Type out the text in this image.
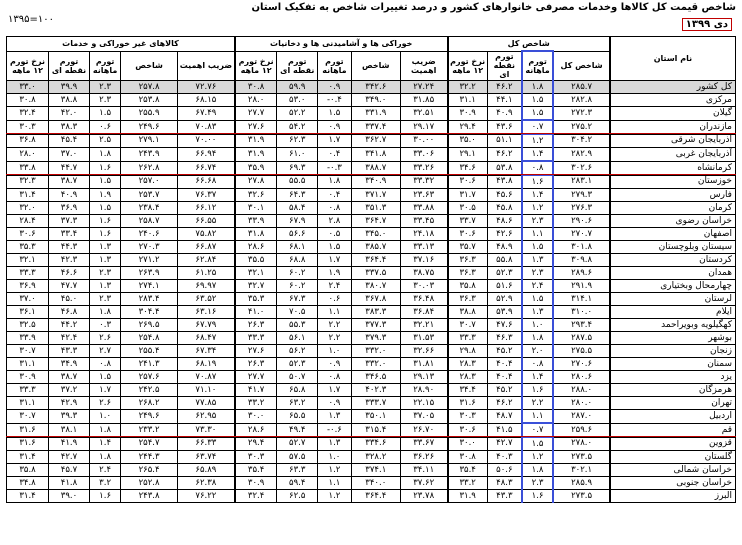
شاخص قیمت کل کالاها وخدمات مصرفی خانوارهای کشور و درصد تغییرات شاخص به تفکیک استان
۱۰۰=۱۳۹۵	دی ۱۳۹۹
نام استان	شاخص کل				خوراکی ها و آشامیدنی ها و دخانیات					کالاهای غیر خوراکی و خدمات				
	شاخص کل	تورم ماهانه	تورم نقطه ای	نرخ تورم ۱۲ ماهه	ضریب اهمیت	شاخص	تورم ماهانه	تورم نقطه ای	نرخ تورم ۱۲ ماهه	ضریب اهمیت	شاخص	تورم ماهانه	تورم نقطه ای	نرخ تورم ۱۲ ماهه
کل کشور	۲۸۵.۷	۱.۸	۴۶.۲	۳۲.۲	۲۷.۲۴	۳۴۲.۶	۰.۹	۵۹.۹	۳۰.۸	۷۲.۷۶	۲۵۷.۸	۲.۳	۳۹.۹	۳۳.۰
مرکزی	۲۸۲.۸	۱.۵	۴۴.۱	۳۱.۱	۳۱.۸۵	۳۴۹.۰	۰.۴-	۵۳.۰	۲۸.۰	۶۸.۱۵	۲۵۳.۸	۲.۳	۳۸.۸	۳۰.۸
گیلان	۲۷۲.۳	۱.۵	۴۰.۹	۳۰.۹	۳۲.۵۱	۳۳۱.۹	۱.۵	۵۲.۲	۲۷.۷	۶۷.۴۹	۲۵۵.۹	۱.۵	۴۲.۰	۳۲.۴
مازندران	۲۷۵.۲	۰.۷	۴۳.۶	۲۹.۴	۲۹.۱۷	۳۳۷.۴	۰.۹	۵۴.۲	۲۷.۶	۷۰.۸۳	۲۴۹.۶	۰.۶	۳۸.۳	۳۰.۳
آذربایجان شرقی	۳۰۴.۲	۱.۲	۵۱.۱	۳۵.۰	۳۰.۰۰	۳۶۲.۷	۱.۷	۶۲.۳	۳۱.۹	۷۰.۰۰	۲۷۹.۱	۲.۵	۴۵.۴	۳۶.۸
آذربایجان غربی	۲۸۲.۹	۱.۴	۴۶.۲	۲۹.۱	۳۳.۰۶	۳۴۱.۸	۰.۴	۶۱.۰	۳۱.۹	۶۶.۹۴	۲۴۳.۹	۱.۸	۳۷.۰	۲۸.۰
کرمانشاه	۳۰۲.۶	۰.۸	۵۳.۸	۳۴.۶	۳۳.۲۶	۳۸۸.۷	۰.۳-	۶۹.۳	۳۵.۹	۶۶.۷۴	۲۶۲.۸	۱.۶	۴۴.۷	۳۳.۸
خوزستان	۲۸۳.۱	۱.۶	۴۳.۸	۳۰.۶	۳۳.۳۲	۳۴۰.۹	۱.۸	۵۵.۵	۲۷.۸	۶۶.۶۸	۲۵۷.۰	۱.۵	۳۸.۷	۳۲.۳
فارس	۲۷۹.۳	۱.۴	۴۵.۶	۳۱.۷	۲۳.۶۳	۳۷۱.۷	۰.۴	۶۴.۳	۳۲.۶	۷۶.۳۷	۲۵۳.۷	۱.۹	۴۰.۹	۳۱.۴
کرمان	۲۷۶.۳	۱.۲	۴۵.۸	۳۰.۵	۳۳.۸۸	۳۵۱.۳	۰.۸	۵۸.۴	۳۰.۱	۶۶.۱۲	۲۳۸.۴	۱.۵	۳۶.۹	۳۲.۰
خراسان رضوی	۲۹۰.۶	۲.۳	۴۸.۶	۳۳.۷	۳۳.۴۵	۳۶۴.۷	۲.۸	۶۷.۹	۳۳.۹	۶۶.۵۵	۲۵۸.۷	۱.۶	۳۷.۳	۲۸.۴
اصفهان	۲۷۰.۷	۱.۱	۴۲.۶	۳۰.۶	۲۴.۱۸	۳۴۵.۰	۰.۵	۵۶.۶	۳۱.۸	۷۵.۸۲	۲۴۰.۶	۱.۶	۳۳.۴	۳۰.۶
سیستان وبلوچستان	۳۰۱.۸	۱.۵	۴۸.۹	۳۵.۷	۳۳.۱۳	۳۸۵.۷	۱.۵	۶۸.۱	۲۸.۶	۶۶.۸۷	۲۷۰.۳	۱.۳	۴۴.۳	۳۵.۳
کردستان	۳۰۹.۸	۱.۳	۵۵.۸	۳۶.۳	۳۷.۱۶	۳۶۴.۴	۱.۷	۶۸.۸	۳۵.۵	۶۲.۸۴	۲۷۱.۲	۱.۳	۴۲.۳	۳۲.۱
همدان	۲۸۹.۶	۲.۳	۵۲.۳	۳۶.۳	۳۸.۷۵	۳۳۷.۵	۱.۹	۶۰.۲	۳۲.۱	۶۱.۲۵	۲۶۳.۹	۲.۳	۴۶.۶	۳۳.۳
چهارمحال وبختیاری	۲۹۱.۹	۲.۴	۵۱.۶	۳۵.۸	۳۰.۰۳	۳۸۰.۷	۲.۴	۶۰.۲	۳۲.۷	۶۹.۹۷	۲۷۴.۱	۱.۳	۴۷.۷	۳۶.۹
لرستان	۳۱۴.۱	۱.۵	۵۲.۹	۳۶.۳	۳۶.۴۸	۳۶۷.۸	۰.۶	۶۷.۳	۳۵.۳	۶۳.۵۲	۲۸۳.۴	۲.۳	۴۵.۰	۳۷.۰
ایلام	۳۱۰.۰	۱.۳	۵۳.۹	۳۸.۸	۳۶.۸۴	۳۸۳.۳	۱.۱	۷۰.۵	۴۱.۰	۶۳.۱۶	۳۰۴.۴	۱.۸	۴۶.۸	۳۶.۱
کهگیلویه وبویراحمد	۲۹۳.۴	۱.۰	۴۷.۶	۳۰.۷	۳۲.۲۱	۳۷۷.۳	۲.۲	۵۵.۳	۲۶.۳	۶۷.۷۹	۲۶۹.۵	۰.۳	۴۴.۲	۳۲.۵
بوشهر	۲۸۷.۵	۱.۸	۴۶.۳	۳۳.۳	۳۱.۵۳	۳۷۹.۳	۲.۲	۵۶.۱	۳۳.۳	۶۸.۴۷	۲۵۴.۸	۲.۶	۴۲.۴	۳۳.۹
زنجان	۲۷۵.۵	۲.۰	۴۵.۲	۲۹.۸	۳۲.۶۶	۳۳۲.۰	۱.۰	۵۶.۲	۲۷.۶	۶۷.۳۴	۲۵۵.۴	۲.۷	۴۳.۳	۳۰.۷
سمنان	۲۷۰.۶	۰.۸	۴۰.۴	۲۸.۳	۳۱.۸۱	۳۳۲.۰	۰.۹	۵۲.۳	۲۶.۳	۶۸.۱۹	۲۴۱.۳	۰.۸	۳۴.۹	۳۱.۱
یزد	۲۸۰.۶	۱.۴	۴۰.۴	۲۸.۳	۲۹.۱۳	۳۴۶.۵	۰.۸	۵۰.۷	۲۷.۷	۷۰.۸۷	۲۵۷.۶	۱.۵	۳۸.۷	۳۰.۹
هرمزگان	۲۸۸.۰	۱.۶	۴۵.۲	۳۴.۴	۲۸.۹۰	۴۰۲.۳	۱.۷	۶۵.۸	۴۱.۷	۷۱.۱۰	۲۴۲.۵	۱.۷	۳۷.۲	۳۳.۳
تهران	۲۸۰.۰	۲.۲	۴۶.۲	۳۱.۶	۲۲.۱۵	۳۳۳.۷	۰.۹	۶۳.۲	۳۳.۲	۷۷.۸۵	۲۶۸.۲	۲.۶	۴۲.۹	۳۱.۱
اردبیل	۲۸۷.۰	۱.۱	۴۸.۷	۳۰.۳	۳۷.۰۵	۳۵۰.۱	۱.۳	۶۵.۵	۳۰.۰	۶۲.۹۵	۲۴۹.۶	۱.۰	۳۹.۳	۳۰.۷
قم	۲۵۹.۶	۰.۷	۴۱.۵	۳۰.۶	۲۶.۷۰	۳۱۵.۴	۰.۶-	۴۹.۴	۲۸.۶	۷۳.۳۰	۲۳۳.۲	۱.۸	۳۸.۱	۳۱.۶
قزوین	۲۷۸.۰	۱.۵	۴۲.۷	۳۰.۰	۳۳.۶۷	۳۳۴.۶	۱.۳	۵۲.۷	۲۹.۴	۶۶.۳۳	۲۵۴.۷	۱.۴	۴۱.۹	۳۱.۶
گلستان	۲۷۳.۵	۱.۲	۴۰.۳	۳۰.۸	۳۶.۲۶	۳۲۸.۲	۱.۰	۵۷.۵	۳۰.۳	۶۳.۷۴	۲۴۴.۳	۱.۸	۴۲.۷	۳۱.۴
خراسان شمالی	۳۰۲.۱	۱.۸	۵۰.۶	۳۵.۴	۳۴.۱۱	۳۷۴.۱	۱.۲	۶۳.۳	۳۵.۴	۶۵.۸۹	۲۶۵.۴	۲.۴	۴۵.۷	۳۵.۸
خراسان جنوبی	۲۸۵.۹	۲.۳	۴۸.۳	۳۳.۲	۳۷.۶۲	۳۴۰.۰	۱.۱	۵۹.۴	۳۰.۹	۶۲.۳۸	۲۵۲.۸	۳.۲	۴۱.۸	۳۴.۸
البرز	۲۷۳.۵	۱.۶	۴۳.۳	۳۱.۹	۲۳.۷۸	۳۶۴.۴	۱.۲	۶۲.۵	۳۲.۴	۷۶.۲۲	۲۴۳.۸	۱.۶	۳۹.۰	۳۱.۴
